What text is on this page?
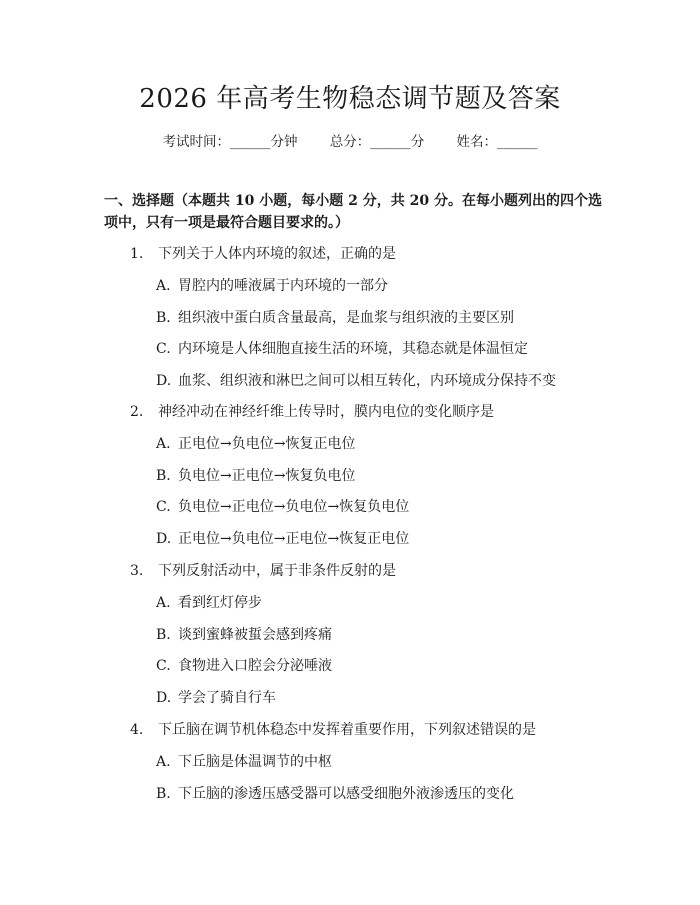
2026 年高考生物稳态调节题及答案
考试时间：______分钟 总分：______分 姓名：______
一、选择题（本题共 10 小题，每小题 2 分，共 20 分。在每小题列出的四个选项中，只有一项是最符合题目要求的。）
1. 下列关于人体内环境的叙述，正确的是
A. 胃腔内的唾液属于内环境的一部分
B. 组织液中蛋白质含量最高，是血浆与组织液的主要区别
C. 内环境是人体细胞直接生活的环境，其稳态就是体温恒定
D. 血浆、组织液和淋巴之间可以相互转化，内环境成分保持不变
2. 神经冲动在神经纤维上传导时，膜内电位的变化顺序是
A. 正电位→负电位→恢复正电位
B. 负电位→正电位→恢复负电位
C. 负电位→正电位→负电位→恢复负电位
D. 正电位→负电位→正电位→恢复正电位
3. 下列反射活动中，属于非条件反射的是
A. 看到红灯停步
B. 谈到蜜蜂被蜇会感到疼痛
C. 食物进入口腔会分泌唾液
D. 学会了骑自行车
4. 下丘脑在调节机体稳态中发挥着重要作用，下列叙述错误的是
A. 下丘脑是体温调节的中枢
B. 下丘脑的渗透压感受器可以感受细胞外液渗透压的变化
